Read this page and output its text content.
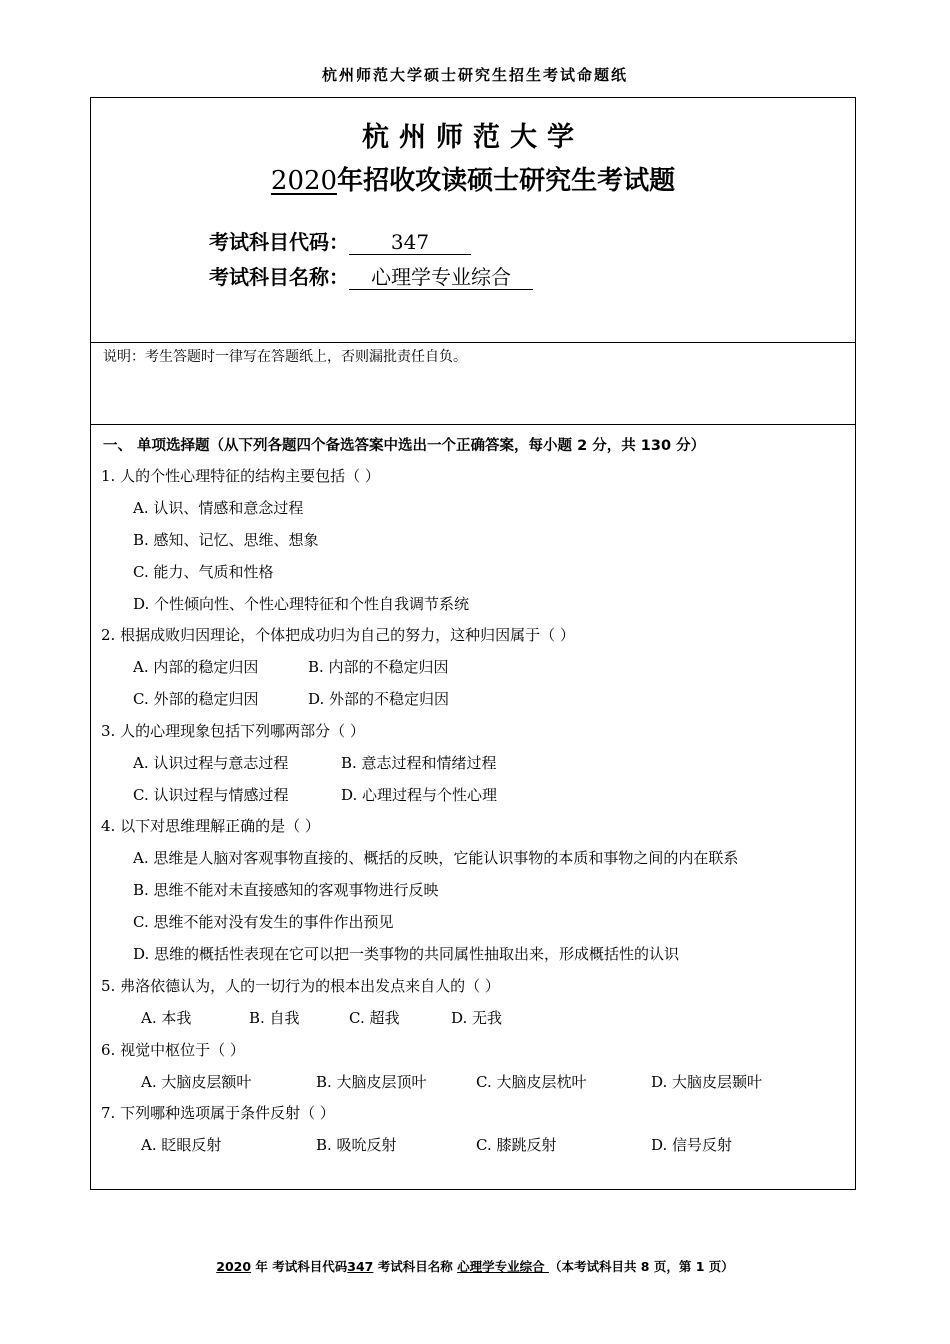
杭州师范大学硕士研究生招生考试命题纸
杭州师范大学
2020年招收攻读硕士研究生考试题
考试科目代码： 347
考试科目名称： 心理学专业综合
说明：考生答题时一律写在答题纸上，否则漏批责任自负。
一、 单项选择题（从下列各题四个备选答案中选出一个正确答案，每小题 2 分，共 130 分）
1. 人的个性心理特征的结构主要包括（ ）
A. 认识、情感和意念过程
B. 感知、记忆、思维、想象
C. 能力、气质和性格
D. 个性倾向性、个性心理特征和个性自我调节系统
2. 根据成败归因理论，个体把成功归为自己的努力，这种归因属于（ ）
A. 内部的稳定归因	B. 内部的不稳定归因
C. 外部的稳定归因	D. 外部的不稳定归因
3. 人的心理现象包括下列哪两部分（ ）
A. 认识过程与意志过程	B. 意志过程和情绪过程
C. 认识过程与情感过程	D. 心理过程与个性心理
4. 以下对思维理解正确的是（ ）
A. 思维是人脑对客观事物直接的、概括的反映，它能认识事物的本质和事物之间的内在联系
B. 思维不能对未直接感知的客观事物进行反映
C. 思维不能对没有发生的事件作出预见
D. 思维的概括性表现在它可以把一类事物的共同属性抽取出来，形成概括性的认识
5. 弗洛依德认为，人的一切行为的根本出发点来自人的（ ）
A. 本我	B. 自我	C. 超我	D. 无我
6. 视觉中枢位于（ ）
A. 大脑皮层额叶	B. 大脑皮层顶叶	C. 大脑皮层枕叶	D. 大脑皮层颞叶
7. 下列哪种选项属于条件反射（ ）
A. 眨眼反射	B. 吸吮反射	C. 膝跳反射	D. 信号反射
2020 年 考试科目代码347 考试科目名称 心理学专业综合 （本考试科目共 8 页，第 1 页）
